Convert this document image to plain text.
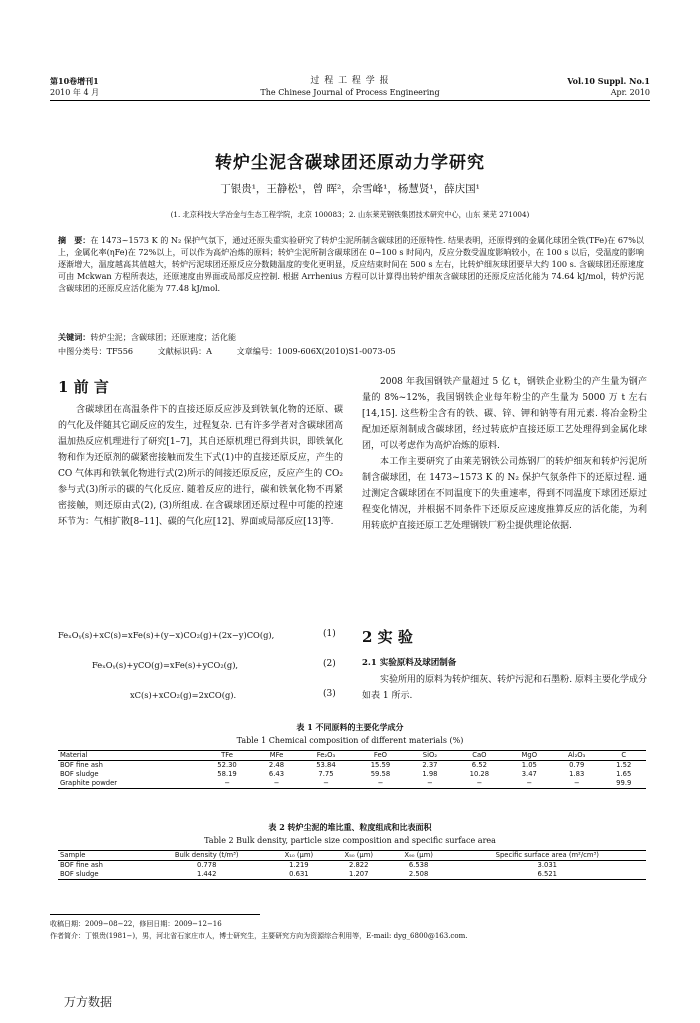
第10卷增刊1
2010 年 4 月
过 程 工 程 学 报
The Chinese Journal of Process Engineering
Vol.10 Suppl. No.1
Apr. 2010
转炉尘泥含碳球团还原动力学研究
丁银贵¹，王静松¹，曾 晖²，佘雪峰¹，杨慧贤¹，薛庆国¹
(1. 北京科技大学冶金与生态工程学院，北京 100083；2. 山东莱芜钢铁集团技术研究中心，山东 莱芜 271004)
摘　要：在 1473~1573 K 的 N₂ 保护气氛下，通过还原失重实验研究了转炉尘泥所制含碳球团的还原特性. 结果表明，还原得到的金属化球团全铁(TFe)在 67%以上，金属化率(ηFe)在 72%以上，可以作为高炉冶炼的原料；转炉尘泥所制含碳球团在 0~100 s 时间内，反应分数受温度影响较小，在 100 s 以后，受温度的影响逐渐增大，温度越高其值越大，转炉污泥球团还原反应分数随温度的变化更明显，反应结束时间在 500 s 左右，比转炉细灰球团要早大约 100 s. 含碳球团还原速度可由 Mckwan 方程所表达，还原速度由界面或局部反应控制. 根据 Arrhenius 方程可以计算得出转炉细灰含碳球团的还原反应活化能为 74.64 kJ/mol，转炉污泥含碳球团的还原反应活化能为 77.48 kJ/mol.
关键词：转炉尘泥；含碳球团；还原速度；活化能
中图分类号：TF556	文献标识码：A	文章编号：1009-606X(2010)S1-0073-05
1 前 言

含碳球团在高温条件下的直接还原反应涉及到铁氧化物的还原、碳的气化及伴随其它副反应的发生，过程复杂. 已有许多学者对含碳球团高温加热反应机理进行了研究[1–7]，其自还原机理已得到共识，即铁氧化物和作为还原剂的碳紧密接触而发生下式(1)中的直接还原反应，产生的 CO 气体再和铁氧化物进行式(2)所示的间接还原反应，反应产生的 CO₂ 参与式(3)所示的碳的气化反应. 随着反应的进行，碳和铁氧化物不再紧密接触，则还原由式(2), (3)所组成. 在含碳球团还原过程中可能的控速环节为：气相扩散[8–11]、碳的气化应[12]、界面或局部反应[13]等.

FeₓOᵧ(s)+xC(s)=xFe(s)+(y−x)CO₂(g)+(2x−y)CO(g),	(1)
FeₓOᵧ(s)+yCO(g)=xFe(s)+yCO₂(g),	(2)
xC(s)+xCO₂(g)=2xCO(g).	(3)

2008 年我国钢铁产量超过 5 亿 t，钢铁企业粉尘的产生量为钢产量的 8%~12%，我国钢铁企业每年粉尘的产生量为 5000 万 t 左右[14,15]. 这些粉尘含有的铁、碳、锌、钾和钠等有用元素. 将冶金粉尘配加还原剂制成含碳球团，经过转底炉直接还原工艺处理得到金属化球团，可以考虑作为高炉冶炼的原料.

本工作主要研究了由莱芜钢铁公司炼钢厂的转炉细灰和转炉污泥所制含碳球团，在 1473~1573 K 的 N₂ 保护气氛条件下的还原过程. 通过测定含碳球团在不同温度下的失重速率，得到不同温度下球团还原过程变化情况，并根据不同条件下还原反应速度推算反应的活化能，为利用转底炉直接还原工艺处理钢铁厂粉尘提供理论依据.

2 实 验
2.1 实验原料及球团制备

实验所用的原料为转炉细灰、转炉污泥和石墨粉. 原料主要化学成分如表 1 所示.

表 1 不同原料的主要化学成分
Table 1 Chemical composition of different materials (%)
Material	TFe	MFe	Fe₂O₃	FeO	SiO₂	CaO	MgO	Al₂O₃	C
BOF fine ash	52.30	2.48	53.84	15.59	2.37	6.52	1.05	0.79	1.52
BOF sludge	58.19	6.43	7.75	59.58	1.98	10.28	3.47	1.83	1.65
Graphite powder	−	−	−	−	−	−	−	−	99.9
表 2 转炉尘泥的堆比重、粒度组成和比表面积
Table 2 Bulk density, particle size composition and specific surface area
Sample	Bulk density (t/m³)	X₁₀ (μm)	X₅₀ (μm)	X₉₀ (μm)	Specific surface area (m²/cm³)
BOF fine ash	0.778	1.219	2.822	6.538	3.031
BOF sludge	1.442	0.631	1.207	2.508	6.521
收稿日期：2009−08−22，修回日期：2009−12−16
作者简介：丁银贵(1981−)，男，河北省石家庄市人，博士研究生，主要研究方向为资源综合利用等，E-mail: dyg_6800@163.com.
万方数据
